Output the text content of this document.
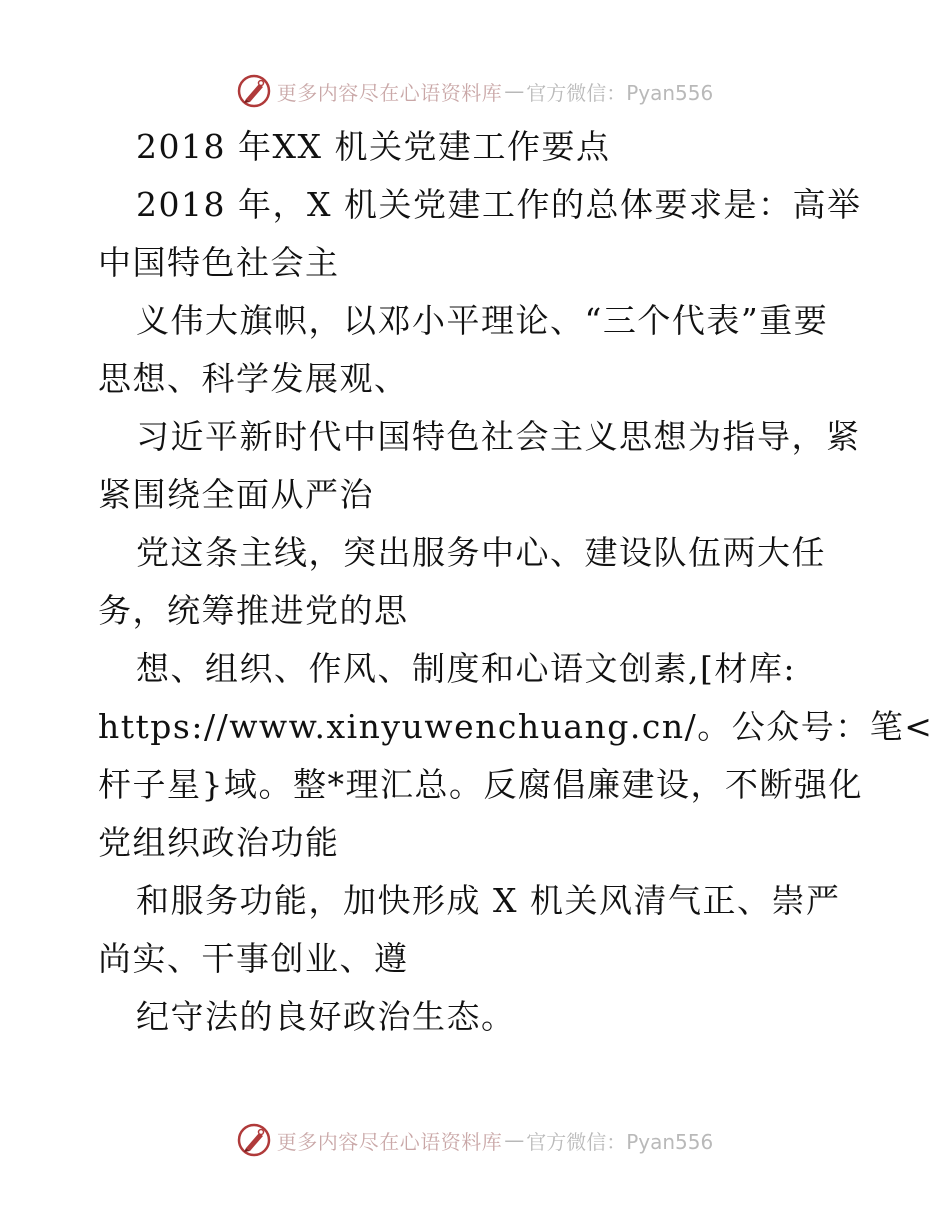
更多内容尽在心语资料库 — 官方微信：Pyan556
2018 年XX 机关党建工作要点
2018 年，X 机关党建工作的总体要求是：高举
中国特色社会主
义伟大旗帜，以邓小平理论、“三个代表”重要
思想、科学发展观、
习近平新时代中国特色社会主义思想为指导，紧
紧围绕全面从严治
党这条主线，突出服务中心、建设队伍两大任
务，统筹推进党的思
想、组织、作风、制度和心语文创素,[材库:
https://www.xinyuwenchuang.cn/。公众号：笔<
杆子星}域。整*理汇总。反腐倡廉建设，不断强化
党组织政治功能
和服务功能，加快形成 X 机关风清气正、崇严
尚实、干事创业、遵
纪守法的良好政治生态。
更多内容尽在心语资料库 — 官方微信：Pyan556
